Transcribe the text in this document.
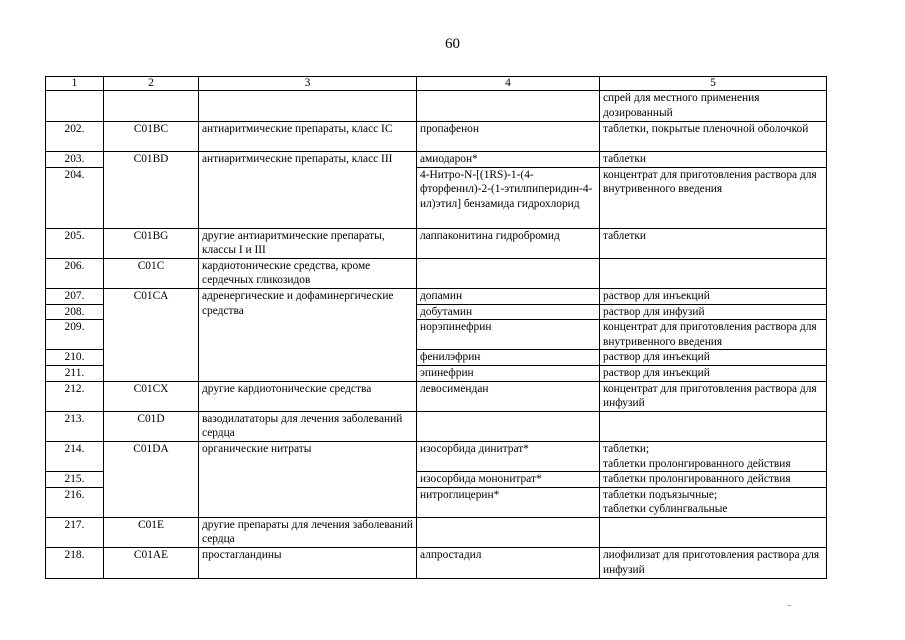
60
1	2	3	4	5
				спрей для местного применения дозированный
202.	C01BC	антиаритмические препараты, класс IC	пропафенон	таблетки, покрытые пленочной оболочкой
203.	C01BD	антиаритмические препараты, класс III	амиодарон*	таблетки
204.			4-Нитро-N-[(1RS)-1-(4-фторфенил)-2-(1-этилпиперидин-4-ил)этил] бензамида гидрохлорид	концентрат для приготовления раствора для внутривенного введения
205.	C01BG	другие антиаритмические препараты, классы I и III	лаппаконитина гидробромид	таблетки
206.	C01C	кардиотонические средства, кроме сердечных гликозидов		
207.	C01CA	адренергические и дофаминергические средства	допамин	раствор для инъекций
208.			добутамин	раствор для инфузий
209.			норэпинефрин	концентрат для приготовления раствора для внутривенного введения
210.			фенилэфрин	раствор для инъекций
211.			эпинефрин	раствор для инъекций
212.	C01CX	другие кардиотонические средства	левосимендан	концентрат для приготовления раствора для инфузий
213.	C01D	вазодилататоры для лечения заболеваний сердца		
214.	C01DA	органические нитраты	изосорбида динитрат*	таблетки;
таблетки пролонгированного действия

215.			изосорбида мононитрат*	таблетки пролонгированного действия
216.			нитроглицерин*	таблетки подъязычные;
таблетки сублингвальные

217.	C01E	другие препараты для лечения заболеваний сердца		
218.	C01AE	простагландины	алпростадил	лиофилизат для приготовления раствора для инфузий
